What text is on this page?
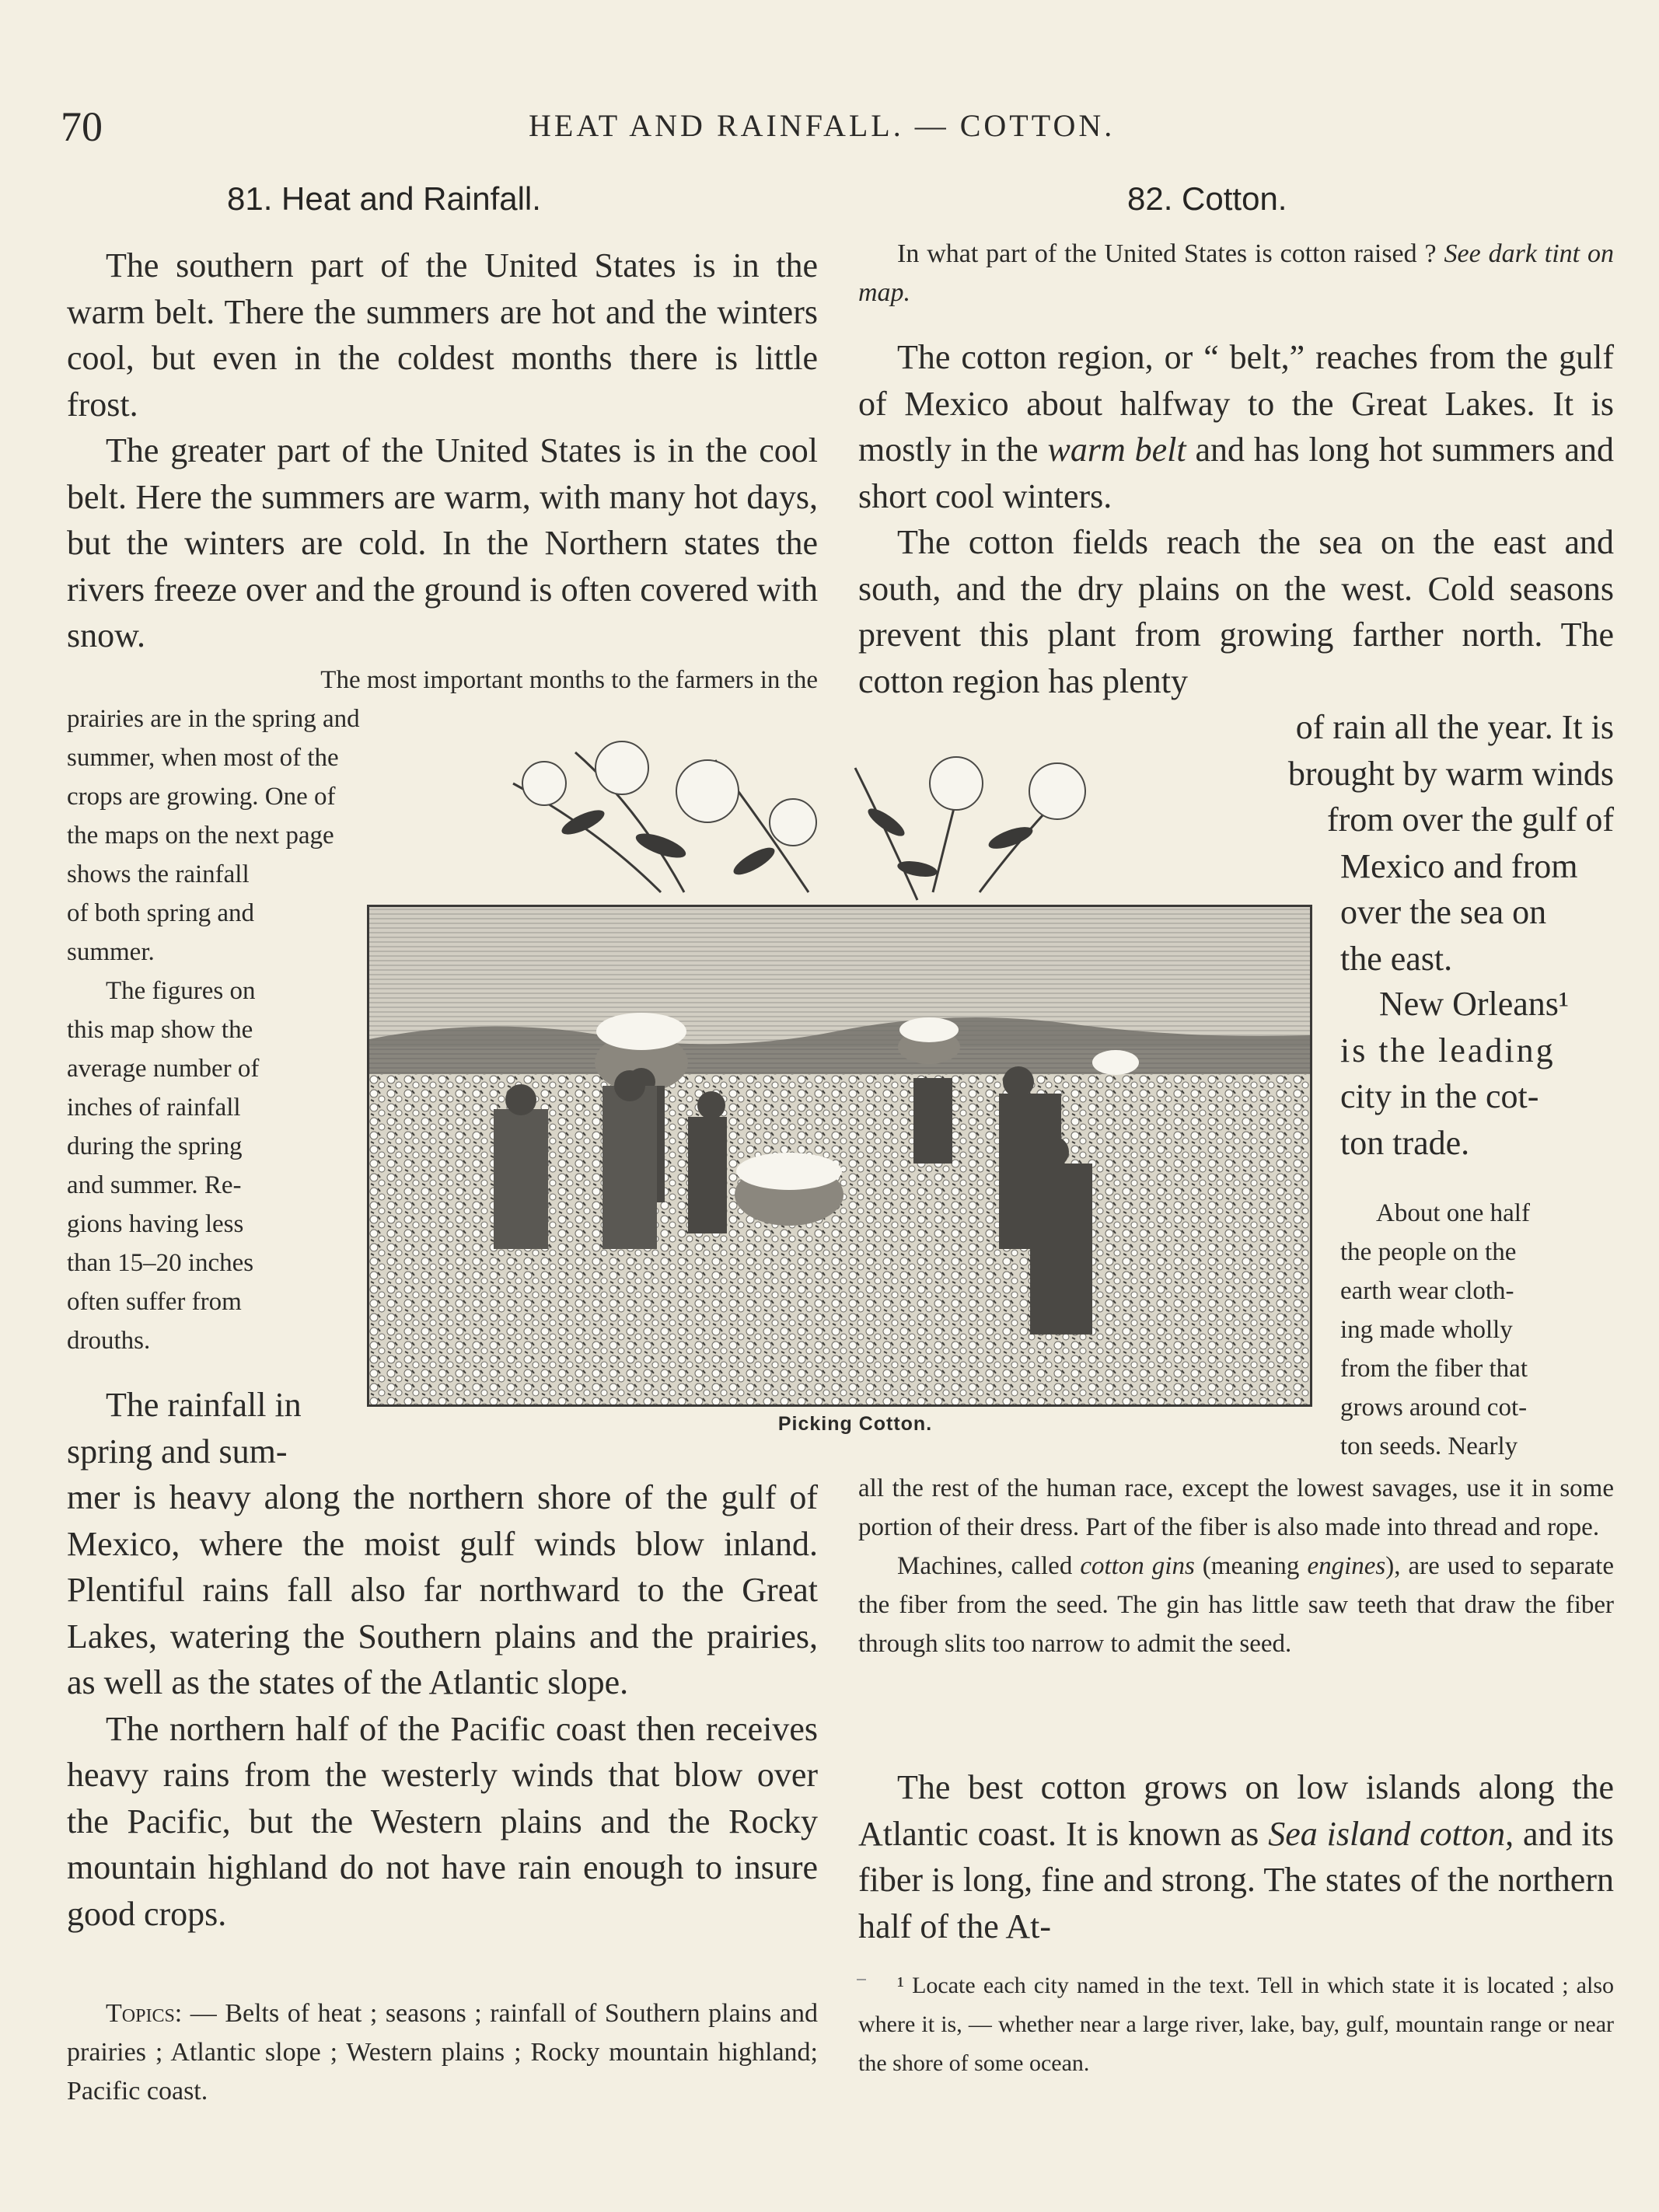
70	HEAT AND RAINFALL. — COTTON.
81. Heat and Rainfall.

The southern part of the United States is in the warm belt. There the summers are hot and the winters cool, but even in the coldest months there is little frost.

The greater part of the United States is in the cool belt. Here the summers are warm, with many hot days, but the winters are cold. In the Northern states the rivers freeze over and the ground is often covered with snow.

The most important months to the farmers in the
prairies are in the spring and
summer, when most of the
crops are growing. One of
the maps on the next page
shows the rainfall
of both spring and
summer.
The figures on
this map show the
average number of
inches of rainfall
during the spring
and summer. Re-
gions having less
than 15–20 inches
often suffer from
drouths.
The rainfall in
spring and sum-

mer is heavy along the northern shore of the gulf of Mexico, where the moist gulf winds blow inland. Plentiful rains fall also far northward to the Great Lakes, watering the Southern plains and the prairies, as well as the states of the Atlantic slope.

The northern half of the Pacific coast then receives heavy rains from the westerly winds that blow over the Pacific, but the Western plains and the Rocky mountain highland do not have rain enough to insure good crops.

Topics: — Belts of heat ; seasons ; rainfall of Southern plains and prairies ; Atlantic slope ; Western plains ; Rocky mountain highland; Pacific coast.

82. Cotton.

In what part of the United States is cotton raised ? See dark tint on map.

The cotton region, or “ belt,” reaches from the gulf of Mexico about halfway to the Great Lakes. It is mostly in the warm belt and has long hot summers and short cool winters.

The cotton fields reach the sea on the east and south, and the dry plains on the west. Cold seasons prevent this plant from growing farther north. The cotton region has plenty

of rain all the year. It is
brought by warm winds
from over the gulf of
Mexico and from
over the sea on
the east.
New Orleans¹
is the leading
city in the cot-
ton trade.
About one half
the people on the
earth wear cloth-
ing made wholly
from the fiber that
grows around cot-
ton seeds. Nearly

all the rest of the human race, except the lowest savages, use it in some portion of their dress. Part of the fiber is also made into thread and rope.

Machines, called cotton gins (meaning engines), are used to separate the fiber from the seed. The gin has little saw teeth that draw the fiber through slits too narrow to admit the seed.

The best cotton grows on low islands along the Atlantic coast. It is known as Sea island cotton, and its fiber is long, fine and strong. The states of the northern half of the At-

¹ Locate each city named in the text. Tell in which state it is located ; also where it is, — whether near a large river, lake, bay, gulf, mountain range or near the shore of some ocean.

Picking Cotton.
